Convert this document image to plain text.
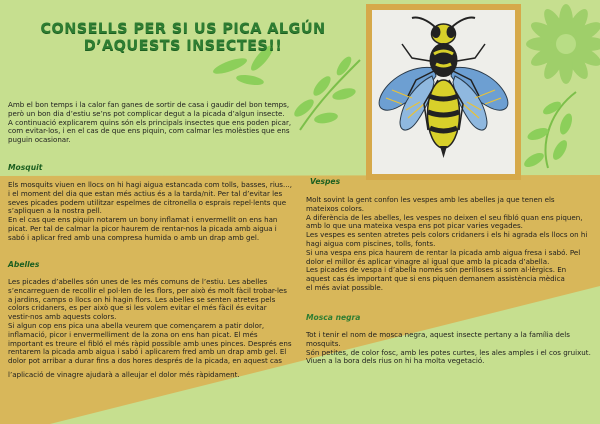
CONSELLS PER SI US PICA ALGÚN
D’AQUESTS INSECTES!!

Amb el bon temps i la calor fan ganes de sortir de casa i gaudir del bon temps,

però un bon dia d’estiu se’ns pot complicar degut a la picada d’algun insecte.

A continuació explicarem quins són els principals insectes que ens poden picar,

com evitar-los, i en el cas de que ens piquin, com calmar les molèsties que ens

puguin ocasionar.

Mosquit

Els mosquits viuen en llocs on hi hagi aigua estancada com tolls, basses, rius...,

i el moment del dia que estan més actius és a la tarda/nit. Per tal d’evitar les

seves picades podem utilitzar espelmes de citronella o esprais repel·lents que

s’apliquen a la nostra pell.

En el cas que ens piquin notarem un bony inflamat i envermellit on ens han

picat. Per tal de calmar la picor haurem de rentar-nos la picada amb aigua i

sabó i aplicar fred amb una compresa humida o amb un drap amb gel.

Abelles

Les picades d’abelles són unes de les més comuns de l’estiu. Les abelles

s’encarreguen de recollir el pol·len de les flors, per això és molt fàcil trobar-les

a jardins, camps o llocs on hi hagin flors. Les abelles se senten atretes pels

colors cridaners, es per això que si les volem evitar el més fàcil és evitar

vestir-nos amb aquests colors.

Si algun cop ens pica una abella veurem que començarem a patir dolor,

inflamació, picor i envermelliment de la zona on ens han picat. El més

important es treure el fibló el més ràpid possible amb unes pinces. Després ens

rentarem la picada amb aigua i sabó i aplicarem fred amb un drap amb gel. El

dolor pot arribar a durar fins a dos hores després de la picada, en aquest cas

l’aplicació de vinagre ajudarà a alleujar el dolor més ràpidament.

Vespes

Molt sovint la gent confon les vespes amb les abelles ja que tenen els

mateixos colors.

A diferència de les abelles, les vespes no deixen el seu fibló quan ens piquen,

amb lo que una mateixa vespa ens pot picar varies vegades.

Les vespes es senten atretes pels colors cridaners i els hi agrada els llocs on hi

hagi aigua com piscines, tolls, fonts.

Si una vespa ens pica haurem de rentar la picada amb aigua fresa i sabó. Pel

dolor el millor és aplicar vinagre al igual que amb la picada d’abella.

Les picades de vespa i d’abella només són perilloses si som al·lèrgics. En

aquest cas és important que si ens piquen demanem assistència mèdica

el més aviat possible.

Mosca negra

Tot i tenir el nom de mosca negra, aquest insecte pertany a la família dels

mosquits.

Són petites, de color fosc, amb les potes curtes, les ales amples i el cos gruixut.

Viuen a la bora dels rius on hi ha molta vegetació.
